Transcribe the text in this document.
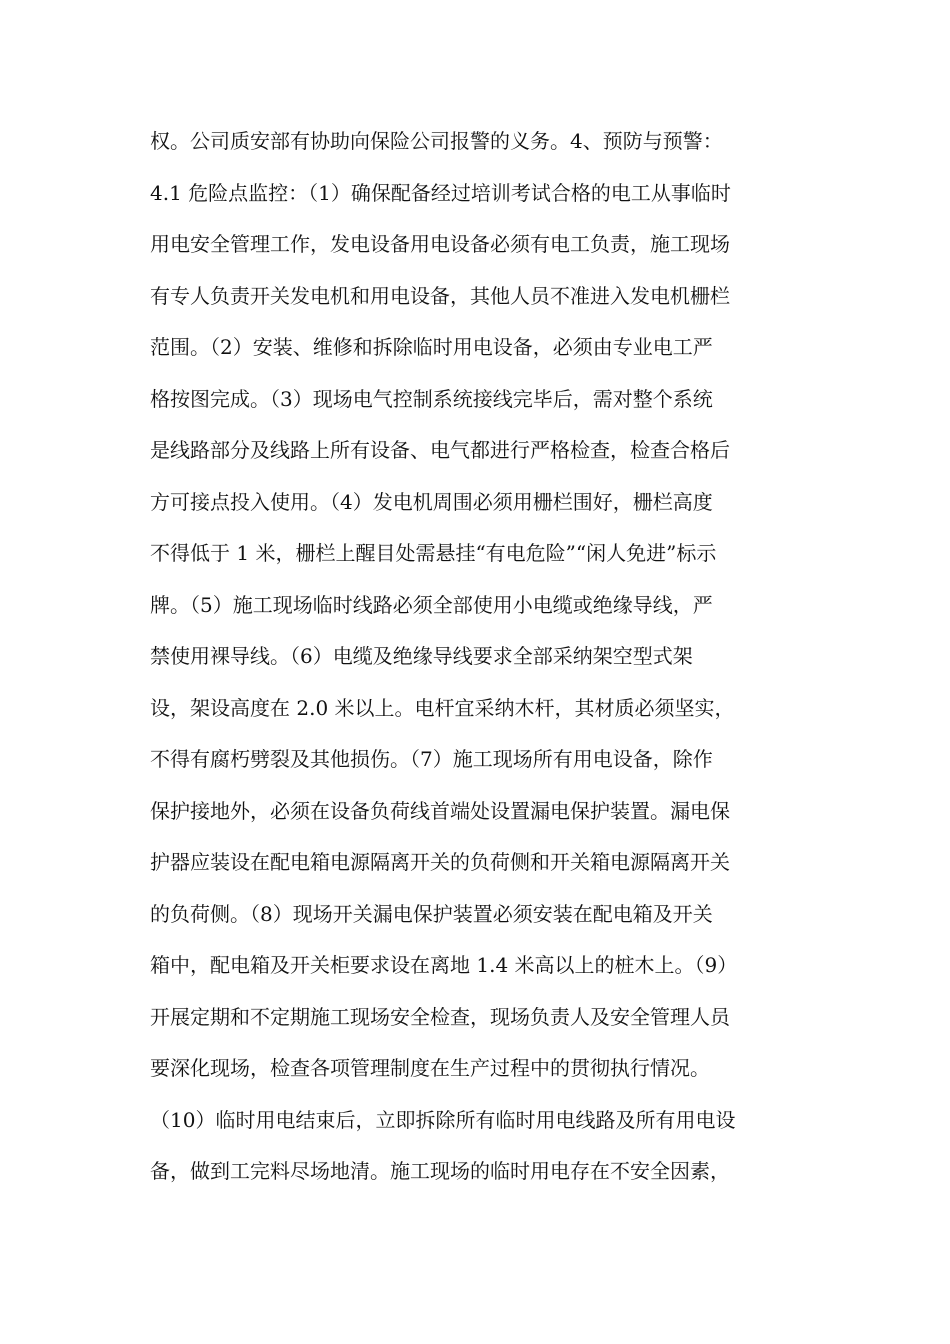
权。公司质安部有协助向保险公司报警的义务。4、预防与预警：
4.1 危险点监控：（1）确保配备经过培训考试合格的电工从事临时
用电安全管理工作，发电设备用电设备必须有电工负责，施工现场
有专人负责开关发电机和用电设备，其他人员不准进入发电机栅栏
范围。（2）安装、维修和拆除临时用电设备，必须由专业电工严
格按图完成。（3）现场电气控制系统接线完毕后，需对整个系统
是线路部分及线路上所有设备、电气都进行严格检查，检查合格后
方可接点投入使用。（4）发电机周围必须用栅栏围好，栅栏高度
不得低于 1 米，栅栏上醒目处需悬挂“有电危险”“闲人免进”标示
牌。（5）施工现场临时线路必须全部使用小电缆或绝缘导线，严
禁使用裸导线。（6）电缆及绝缘导线要求全部采纳架空型式架
设，架设高度在 2.0 米以上。电杆宜采纳木杆，其材质必须坚实，
不得有腐朽劈裂及其他损伤。（7）施工现场所有用电设备，除作
保护接地外，必须在设备负荷线首端处设置漏电保护装置。漏电保
护器应装设在配电箱电源隔离开关的负荷侧和开关箱电源隔离开关
的负荷侧。（8）现场开关漏电保护装置必须安装在配电箱及开关
箱中，配电箱及开关柜要求设在离地 1.4 米高以上的桩木上。（9）
开展定期和不定期施工现场安全检查，现场负责人及安全管理人员
要深化现场，检查各项管理制度在生产过程中的贯彻执行情况。
（10）临时用电结束后，立即拆除所有临时用电线路及所有用电设
备，做到工完料尽场地清。施工现场的临时用电存在不安全因素，
